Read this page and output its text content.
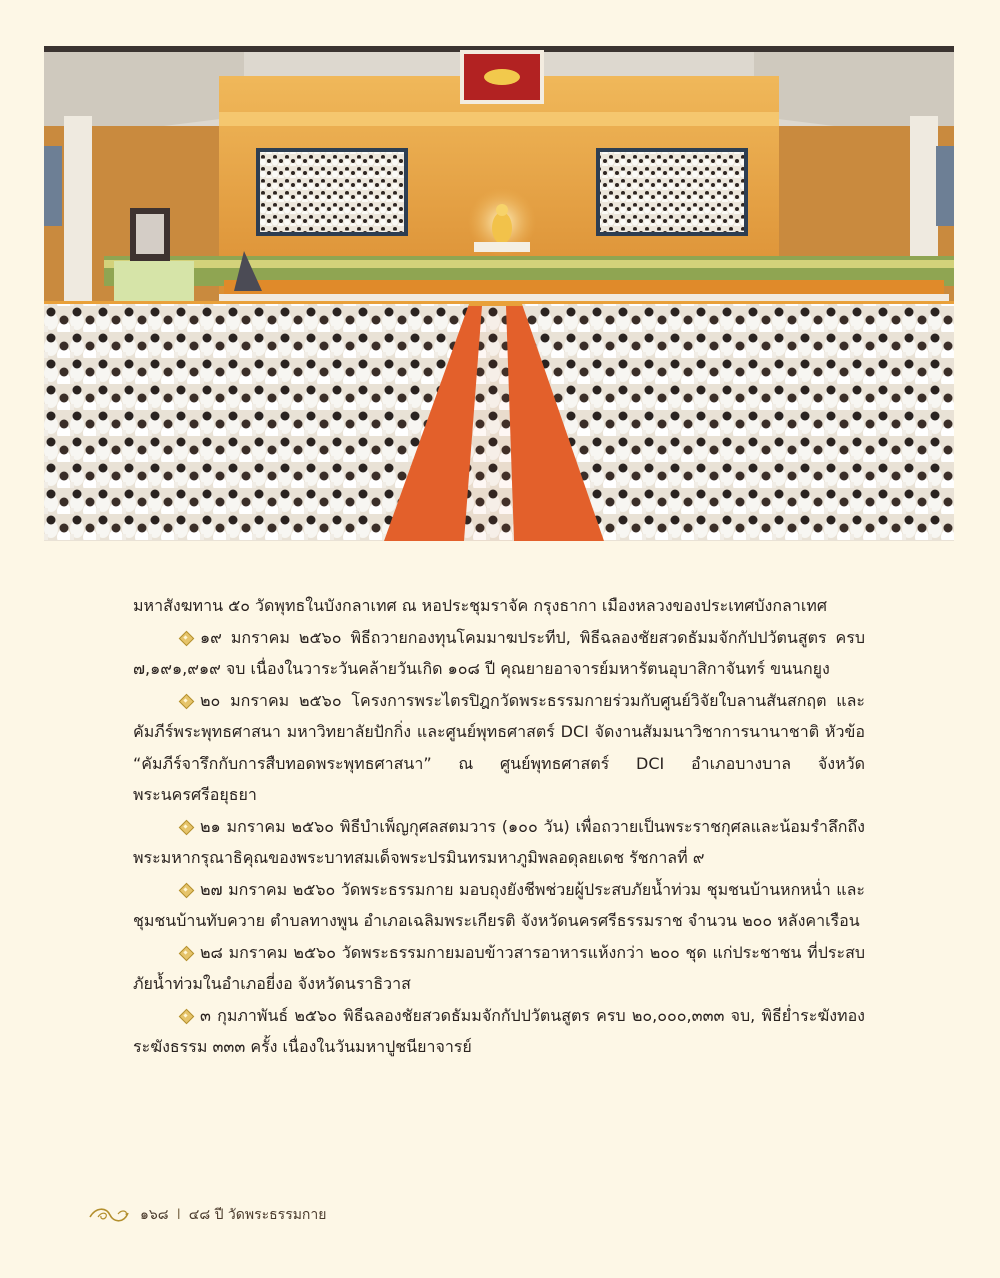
มหาสังฆทาน ๕๐ วัดพุทธในบังกลาเทศ ณ หอประชุมราจัค กรุงธากา เมืองหลวงของประเทศบังกลาเทศ

๑๙ มกราคม ๒๕๖๐ พิธีถวายกองทุนโคมมาฆประทีป, พิธีฉลองชัยสวดธัมมจักกัปปวัตนสูตร ครบ ๗,๑๙๑,๙๑๙ จบ เนื่องในวาระวันคล้ายวันเกิด ๑๐๘ ปี คุณยายอาจารย์มหารัตนอุบาสิกาจันทร์ ขนนกยูง

๒๐ มกราคม ๒๕๖๐ โครงการพระไตรปิฎกวัดพระธรรมกายร่วมกับศูนย์วิจัยใบลานสันสกฤต และคัมภีร์พระพุทธศาสนา มหาวิทยาลัยปักกิ่ง และศูนย์พุทธศาสตร์ DCI จัดงานสัมมนาวิชาการนานาชาติ หัวข้อ “คัมภีร์จารึกกับการสืบทอดพระพุทธศาสนา” ณ ศูนย์พุทธศาสตร์ DCI อำเภอบางบาล จังหวัดพระนครศรีอยุธยา

๒๑ มกราคม ๒๕๖๐ พิธีบำเพ็ญกุศลสตมวาร (๑๐๐ วัน) เพื่อถวายเป็นพระราชกุศลและน้อมรำลึกถึงพระมหากรุณาธิคุณของพระบาทสมเด็จพระปรมินทรมหาภูมิพลอดุลยเดช รัชกาลที่ ๙

๒๗ มกราคม ๒๕๖๐ วัดพระธรรมกาย มอบถุงยังชีพช่วยผู้ประสบภัยน้ำท่วม ชุมชนบ้านหกหน่ำ และชุมชนบ้านทับควาย ตำบลทางพูน อำเภอเฉลิมพระเกียรติ จังหวัดนครศรีธรรมราช จำนวน ๒๐๐ หลังคาเรือน

๒๘ มกราคม ๒๕๖๐ วัดพระธรรมกายมอบข้าวสารอาหารแห้งกว่า ๒๐๐ ชุด แก่ประชาชน ที่ประสบภัยน้ำท่วมในอำเภอยี่งอ จังหวัดนราธิวาส

๓ กุมภาพันธ์ ๒๕๖๐ พิธีฉลองชัยสวดธัมมจักกัปปวัตนสูตร ครบ ๒๐,๐๐๐,๓๓๓ จบ, พิธีย่ำระฆังทองระฆังธรรม ๓๓๓ ครั้ง เนื่องในวันมหาปูชนียาจารย์

๑๖๘ I ๔๘ ปี วัดพระธรรมกาย
